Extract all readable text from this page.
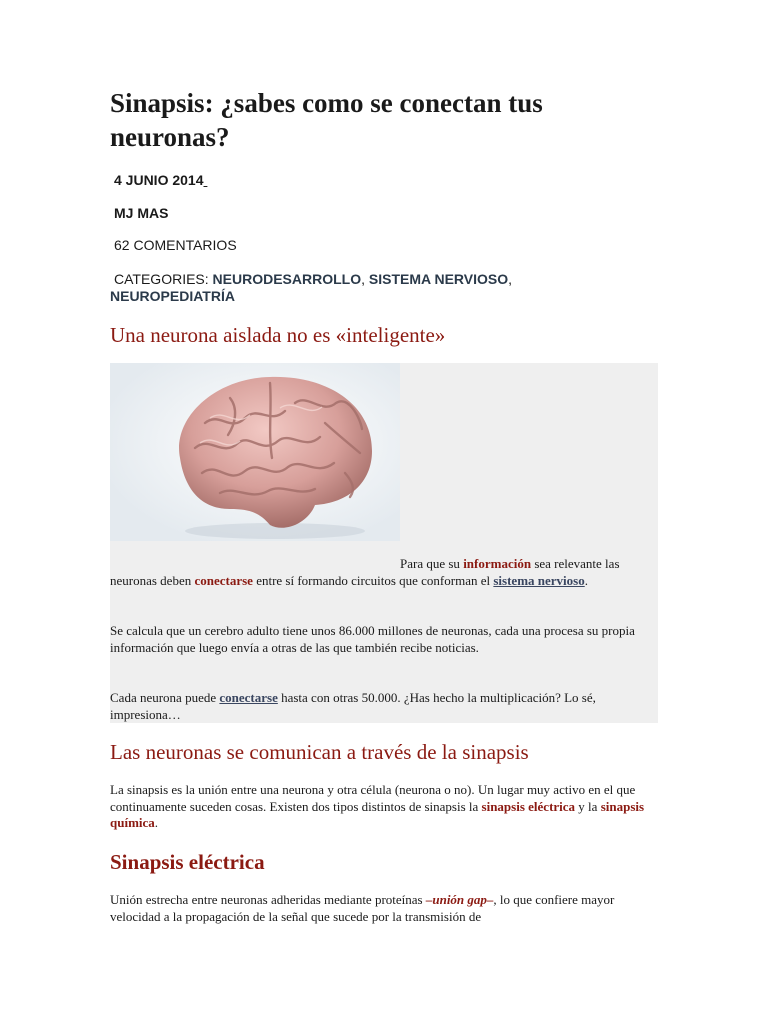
Sinapsis: ¿sabes como se conectan tus neuronas?
4 JUNIO 2014
MJ MAS
62 COMENTARIOS
CATEGORIES: NEURODESARROLLO, SISTEMA NERVIOSO, NEUROPEDIATRÍA
Una neurona aislada no es «inteligente»

Para que su información sea relevante las neuronas deben conectarse entre sí formando circuitos que conforman el sistema nervioso.

Se calcula que un cerebro adulto tiene unos 86.000 millones de neuronas, cada una procesa su propia información que luego envía a otras de las que también recibe noticias.

Cada neurona puede conectarse hasta con otras 50.000. ¿Has hecho la multiplicación? Lo sé, impresiona…

Las neuronas se comunican a través de la sinapsis

La sinapsis es la unión entre una neurona y otra célula (neurona o no). Un lugar muy activo en el que continuamente suceden cosas. Existen dos tipos distintos de sinapsis la sinapsis eléctrica y la sinapsis química.

Sinapsis eléctrica

Unión estrecha entre neuronas adheridas mediante proteínas –unión gap–, lo que confiere mayor velocidad a la propagación de la señal que sucede por la transmisión de
